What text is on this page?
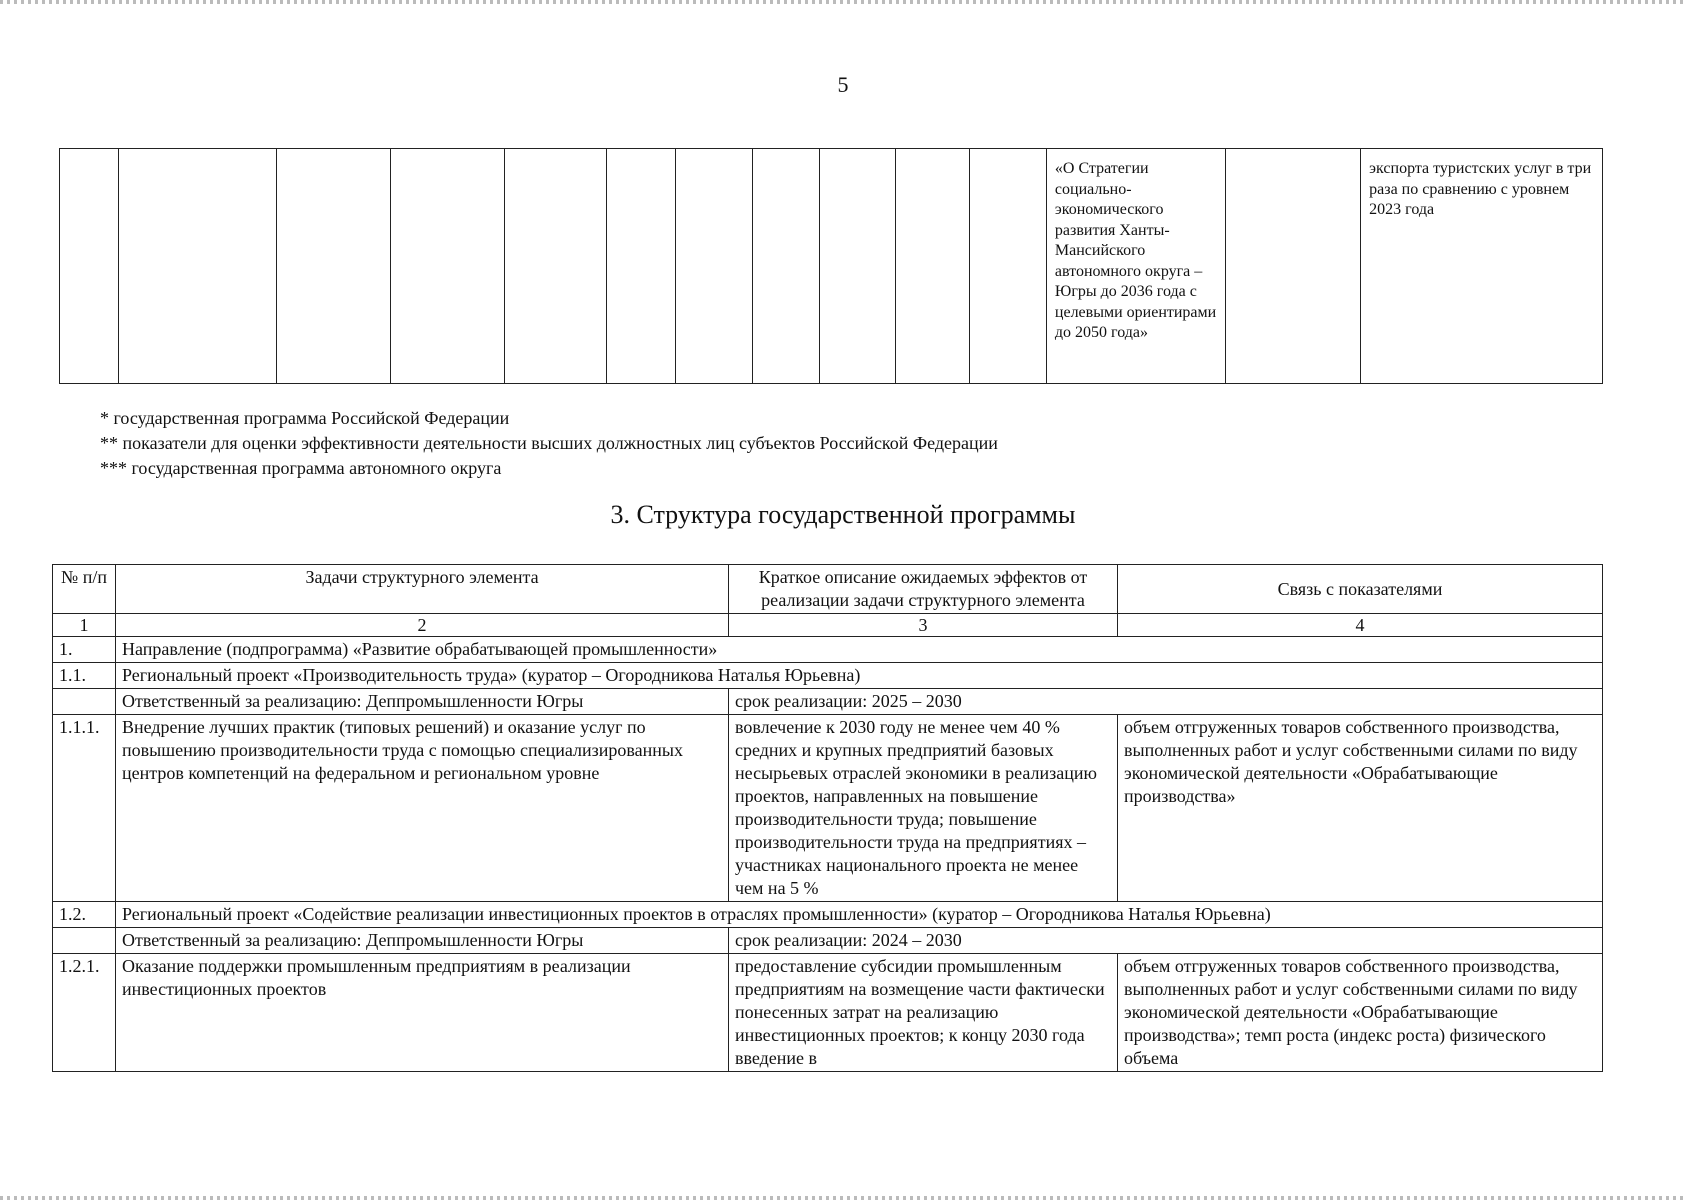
5
											«О Стратегии социально-экономического развития Ханты-Мансийского автономного округа – Югры до 2036 года с целевыми ориентирами до 2050 года»		экспорта туристских услуг в три раза по сравнению с уровнем 2023 года
* государственная программа Российской Федерации
** показатели для оценки эффективности деятельности высших должностных лиц субъектов Российской Федерации
*** государственная программа автономного округа
3. Структура государственной программы
№ п/п	Задачи структурного элемента	Краткое описание ожидаемых эффектов от реализации задачи структурного элемента	Связь с показателями
1	2	3	4
1.	Направление (подпрограмма) «Развитие обрабатывающей промышленности»		
1.1.	Региональный проект «Производительность труда» (куратор – Огородникова Наталья Юрьевна)		
	Ответственный за реализацию: Деппромышленности Югры	срок реализации: 2025 – 2030	
1.1.1.	Внедрение лучших практик (типовых решений) и оказание услуг по повышению производительности труда с помощью специализированных центров компетенций на федеральном и региональном уровне	вовлечение к 2030 году не менее чем 40 % средних и крупных предприятий базовых несырьевых отраслей экономики в реализацию проектов, направленных на повышение производительности труда; повышение производительности труда на предприятиях – участниках национального проекта не менее чем на 5 %	объем отгруженных товаров собственного производства, выполненных работ и услуг собственными силами по виду экономической деятельности «Обрабатывающие производства»
1.2.	Региональный проект «Содействие реализации инвестиционных проектов в отраслях промышленности» (куратор – Огородникова Наталья Юрьевна)		
	Ответственный за реализацию: Деппромышленности Югры	срок реализации: 2024 – 2030	
1.2.1.	Оказание поддержки промышленным предприятиям в реализации инвестиционных проектов	предоставление субсидии промышленным предприятиям на возмещение части фактически понесенных затрат на реализацию инвестиционных проектов; к концу 2030 года введение в	объем отгруженных товаров собственного производства, выполненных работ и услуг собственными силами по виду экономической деятельности «Обрабатывающие производства»; темп роста (индекс роста) физического объема
